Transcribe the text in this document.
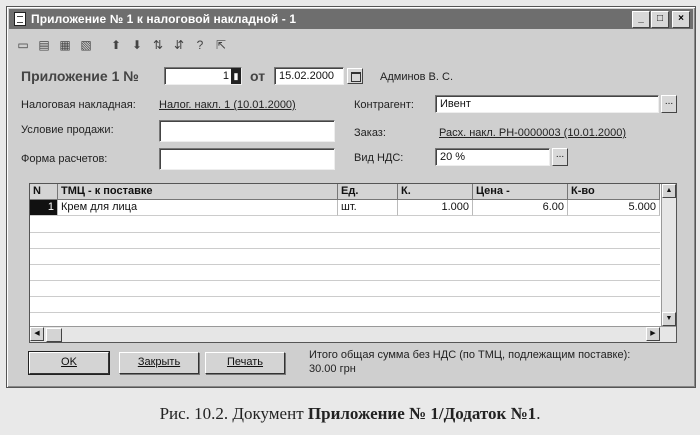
Приложение № 1 к налоговой накладной - 1	_	□	×
▭ ▤ ▦ ▧ ⬆ ⬇ ⇅ ⇵	?	⇱
Приложение 1 №	1 ▮ от	15.02.2000	Админов В. С.
Налоговая накладная: Налог. накл. 1 (10.01.2000)
Условие продажи:
Форма расчетов:
Контрагент:	Ивент	...
Заказ:	Расх. накл. РН-0000003 (10.01.2000)
Вид НДС:	20 %	...
N	ТМЦ - к поставке	Ед.	К.	Цена -	К-во
1 Крем для лица	шт.	1.000	6.00	5.000
▲
▼
◀	▶
OK	Закрыть	Печать
Итого общая сумма без НДС (по ТМЦ, подлежащим поставке):
30.00 грн
Рис. 10.2. Документ Приложение № 1/Додаток №1.
